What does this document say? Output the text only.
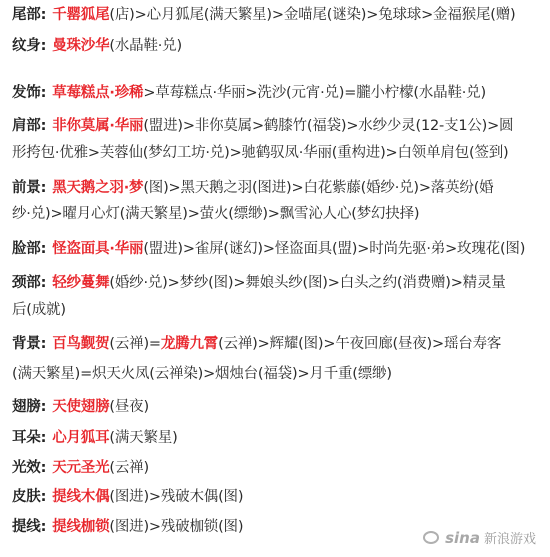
尾部: 千罂狐尾(店)>心月狐尾(满天繁星)>金喵尾(谜染)>兔球球>金福猴尾(赠)
纹身: 曼珠沙华(水晶鞋·兑)
发饰: 草莓糕点·珍稀>草莓糕点·华丽>洗沙(元宵·兑)=朧小柠檬(水晶鞋·兑)
肩部: 非你莫属·华丽(盟进)>非你莫属>鹤膝竹(福袋)>水纱少灵(12-支1公)>圆
形挎包·优雅>芙蓉仙(梦幻工坊·兑)>驰鹤驭凤·华丽(重构进)>白领单肩包(签到)
前景: 黑天鹅之羽·梦(图)>黑天鹅之羽(图进)>白花紫藤(婚纱·兑)>落英纷(婚
纱·兑)>曜月心灯(满天繁星)>萤火(缥缈)>飘雪沁人心(梦幻抉择)
脸部: 怪盗面具·华丽(盟进)>雀屏(谜幻)>怪盗面具(盟)>时尚先驱·弟>玫瑰花(图)
颈部: 轻纱蔓舞(婚纱·兑)>梦纱(图)>舞娘头纱(图)>白头之约(消费赠)>精灵量
后(成就)
背景: 百鸟觐贺(云禅)=龙腾九霄(云禅)>辉耀(图)>午夜回廊(昼夜)>瑶台寿客
(满天繁星)=炽天火凤(云禅染)>烟烛台(福袋)>月千重(缥缈)
翅膀: 天使翅膀(昼夜)
耳朵: 心月狐耳(满天繁星)
光效: 天元圣光(云禅)
皮肤: 提线木偶(图进)>残破木偶(图)
提线: 提线枷锁(图进)>残破枷锁(图)
sina 新浪游戏
